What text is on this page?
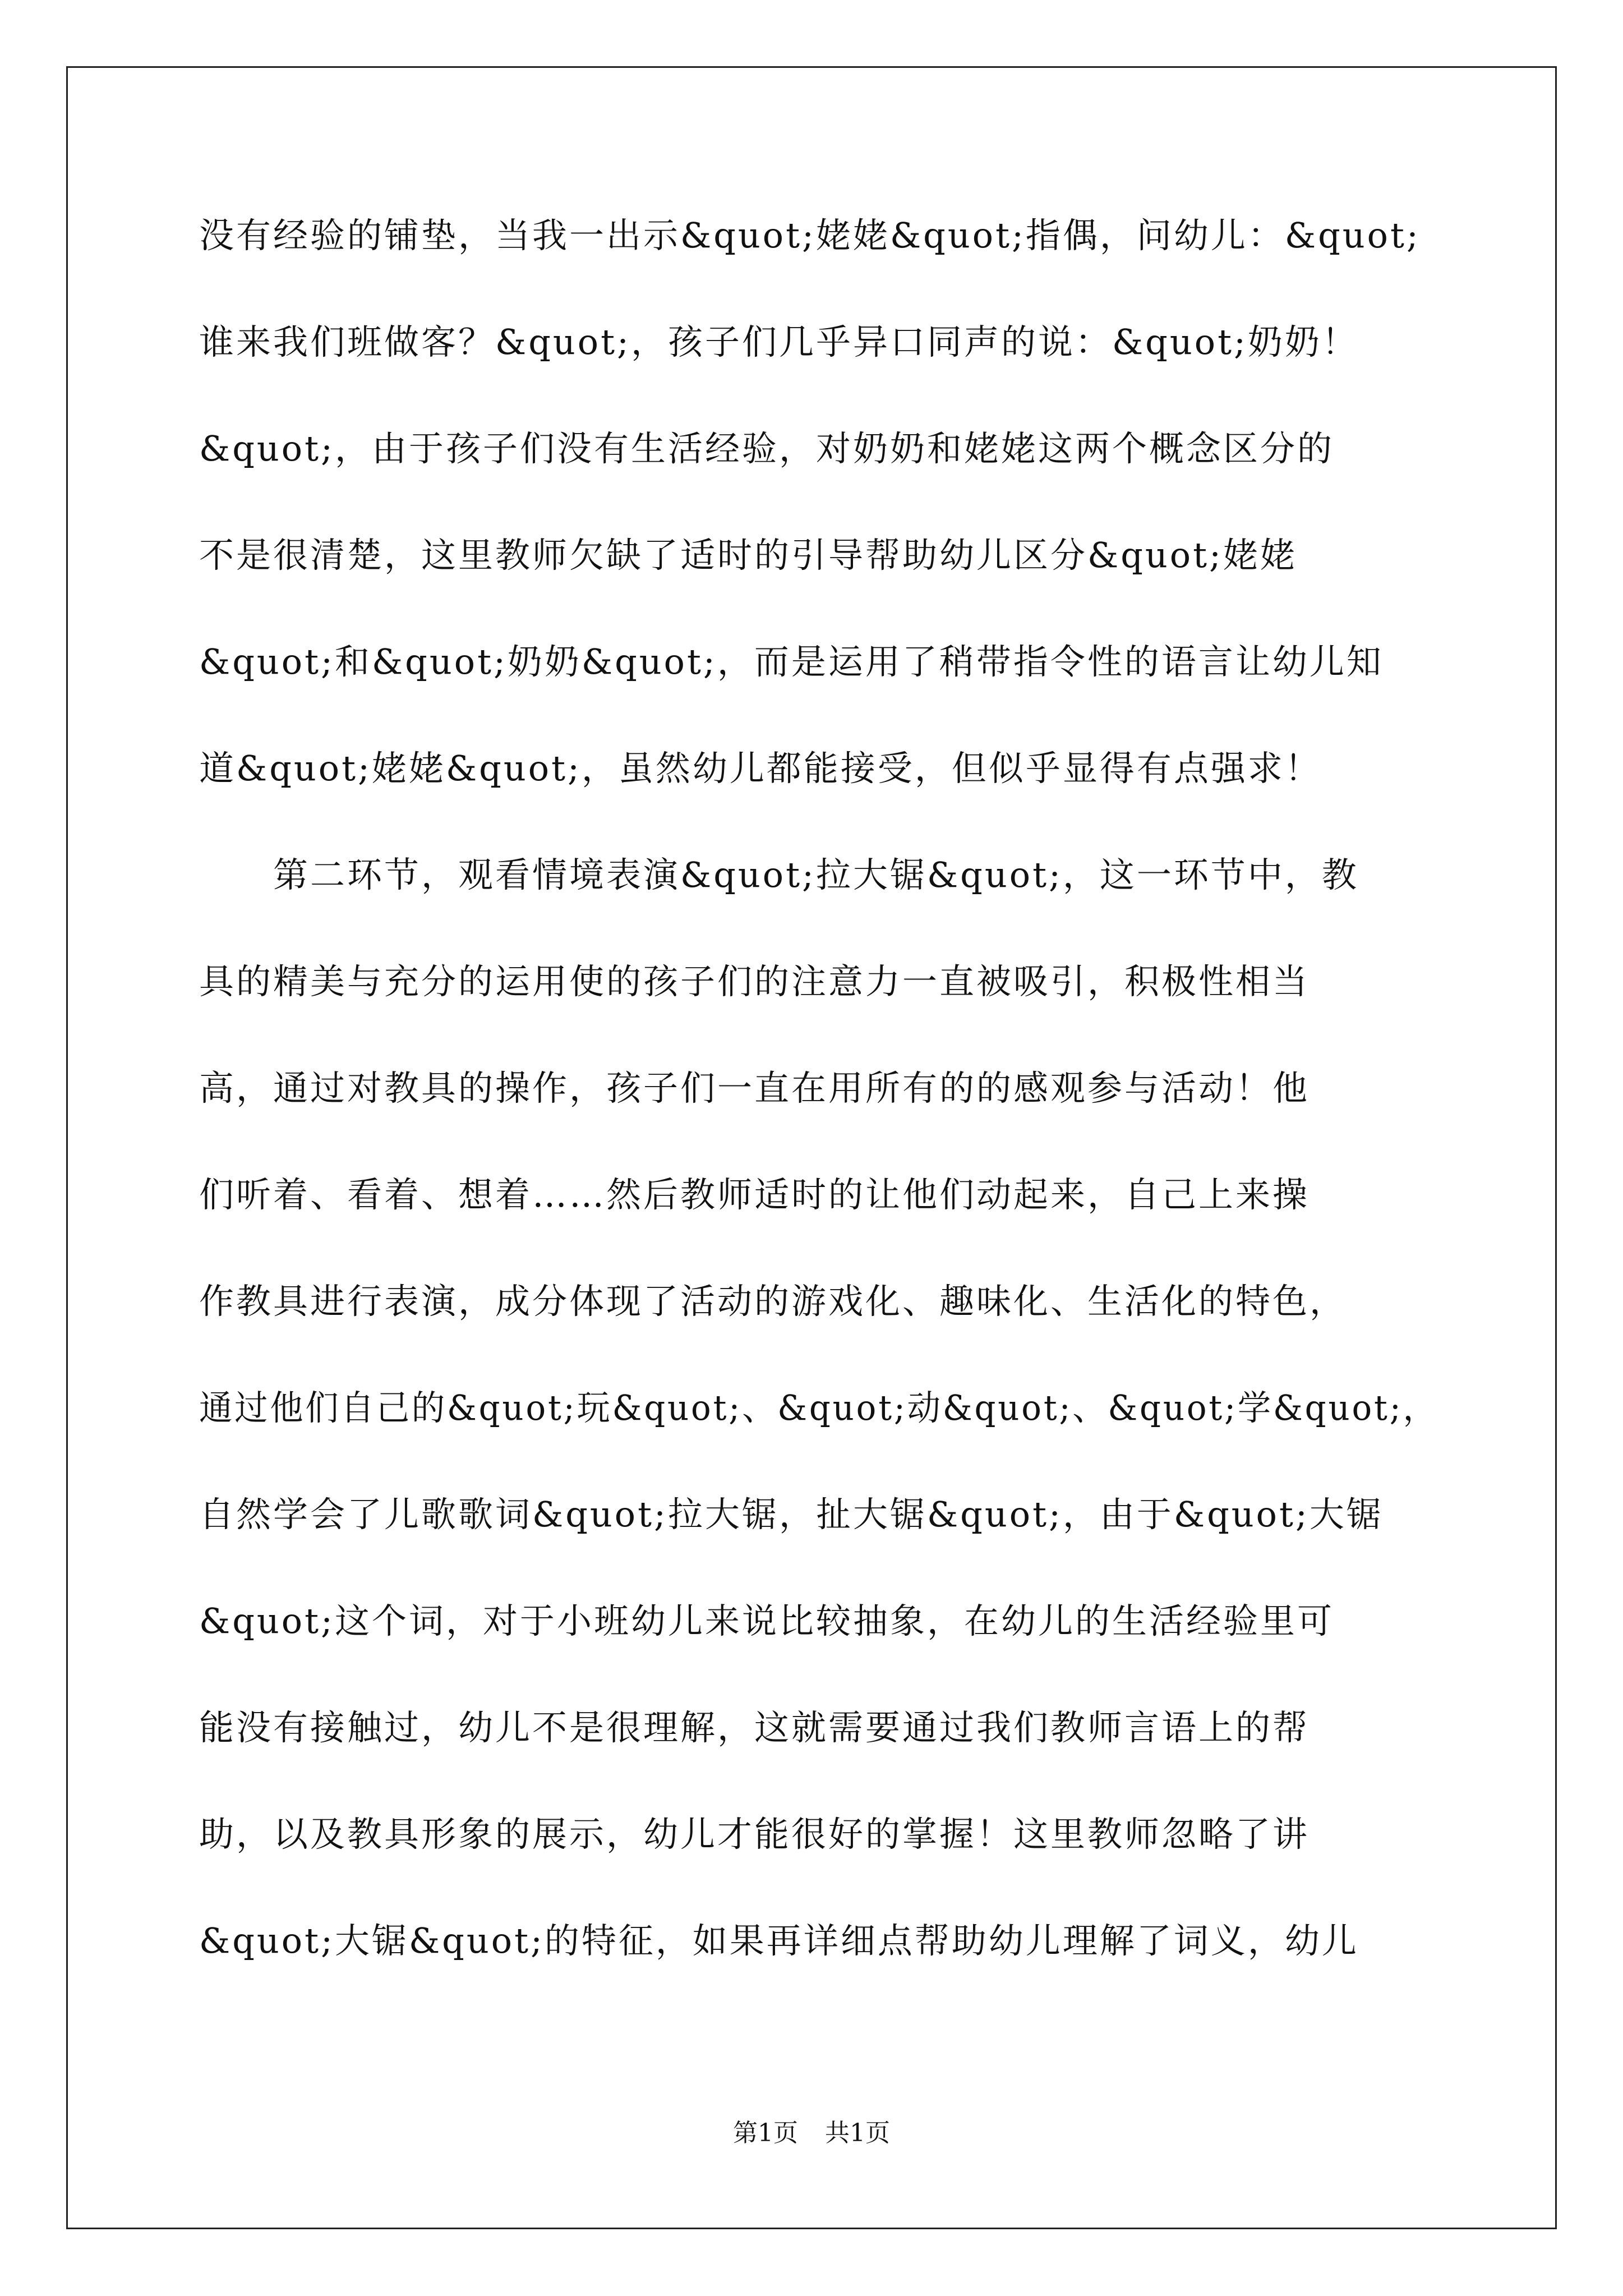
没有经验的铺垫，当我一出示&quot;姥姥&quot;指偶，问幼儿：&quot;
谁来我们班做客？&quot;，孩子们几乎异口同声的说：&quot;奶奶！
&quot;，由于孩子们没有生活经验，对奶奶和姥姥这两个概念区分的
不是很清楚，这里教师欠缺了适时的引导帮助幼儿区分&quot;姥姥
&quot;和&quot;奶奶&quot;，而是运用了稍带指令性的语言让幼儿知
道&quot;姥姥&quot;，虽然幼儿都能接受，但似乎显得有点强求！
　　第二环节，观看情境表演&quot;拉大锯&quot;，这一环节中，教
具的精美与充分的运用使的孩子们的注意力一直被吸引，积极性相当
高，通过对教具的操作，孩子们一直在用所有的的感观参与活动！他
们听着、看着、想着……然后教师适时的让他们动起来，自己上来操
作教具进行表演，成分体现了活动的游戏化、趣味化、生活化的特色，
通过他们自己的&quot;玩&quot;、&quot;动&quot;、&quot;学&quot;，
自然学会了儿歌歌词&quot;拉大锯，扯大锯&quot;，由于&quot;大锯
&quot;这个词，对于小班幼儿来说比较抽象，在幼儿的生活经验里可
能没有接触过，幼儿不是很理解，这就需要通过我们教师言语上的帮
助，以及教具形象的展示，幼儿才能很好的掌握！这里教师忽略了讲
&quot;大锯&quot;的特征，如果再详细点帮助幼儿理解了词义，幼儿
第1页 共1页
